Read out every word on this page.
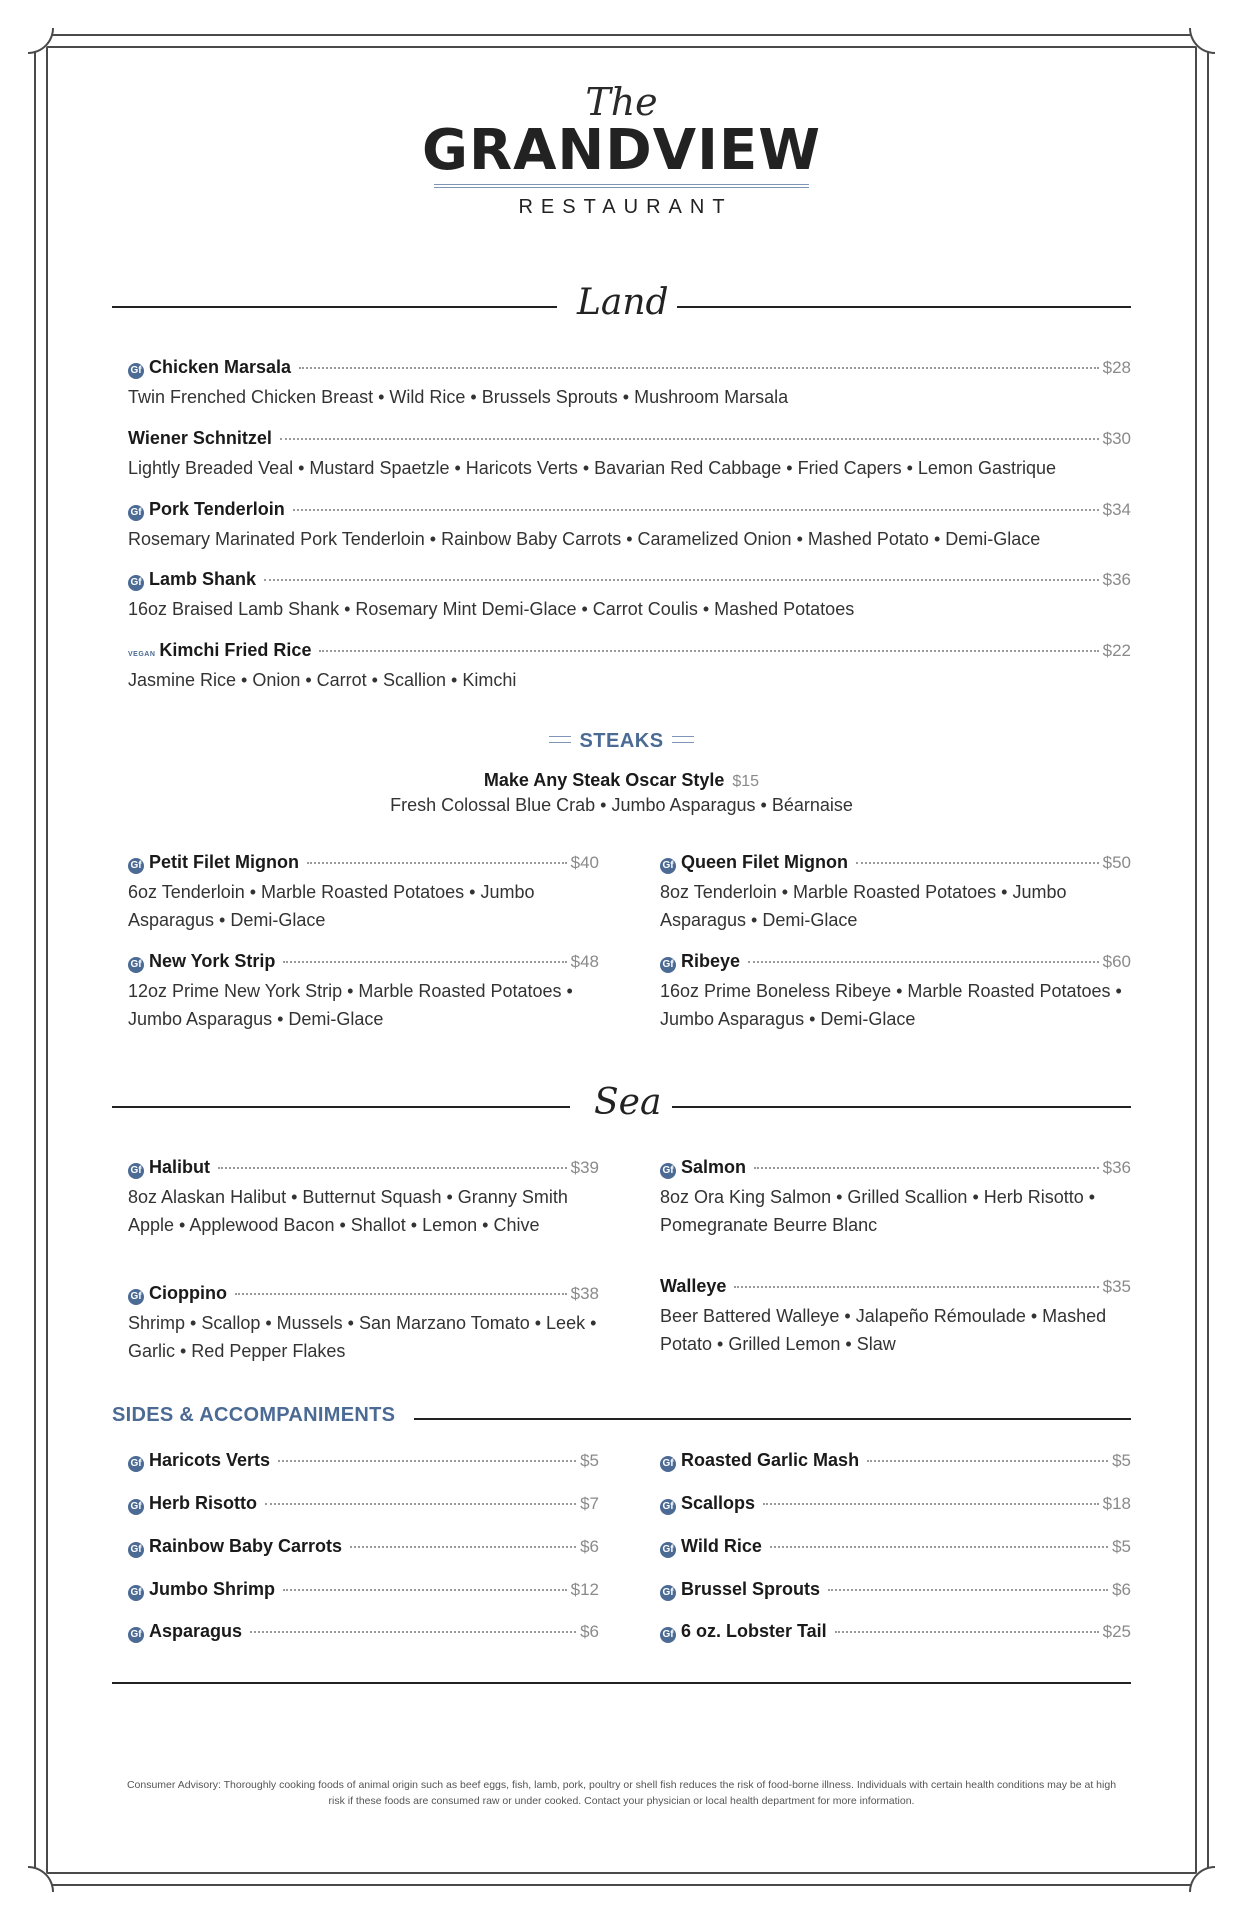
The
GRANDVIEW
RESTAURANT
Land
Gf Chicken Marsala	$28
Twin Frenched Chicken Breast • Wild Rice • Brussels Sprouts • Mushroom Marsala
Wiener Schnitzel	$30
Lightly Breaded Veal • Mustard Spaetzle • Haricots Verts • Bavarian Red Cabbage • Fried Capers • Lemon Gastrique
Gf Pork Tenderloin	$34
Rosemary Marinated Pork Tenderloin • Rainbow Baby Carrots • Caramelized Onion • Mashed Potato • Demi-Glace
Gf Lamb Shank	$36
16oz Braised Lamb Shank • Rosemary Mint Demi-Glace • Carrot Coulis • Mashed Potatoes
VEGAN Kimchi Fried Rice	$22
Jasmine Rice • Onion • Carrot • Scallion • Kimchi
STEAKS
Make Any Steak Oscar Style $15
Fresh Colossal Blue Crab • Jumbo Asparagus • Béarnaise
Gf Petit Filet Mignon	$40
6oz Tenderloin • Marble Roasted Potatoes • Jumbo Asparagus • Demi-Glace
Gf Queen Filet Mignon	$50
8oz Tenderloin • Marble Roasted Potatoes • Jumbo Asparagus • Demi-Glace
Gf New York Strip	$48
12oz Prime New York Strip • Marble Roasted Potatoes • Jumbo Asparagus • Demi-Glace
Gf Ribeye	$60
16oz Prime Boneless Ribeye • Marble Roasted Potatoes • Jumbo Asparagus • Demi-Glace
Sea
Gf Halibut	$39
8oz Alaskan Halibut • Butternut Squash • Granny Smith Apple • Applewood Bacon • Shallot • Lemon • Chive
Gf Salmon	$36
8oz Ora King Salmon • Grilled Scallion • Herb Risotto • Pomegranate Beurre Blanc
Gf Cioppino	$38
Shrimp • Scallop • Mussels • San Marzano Tomato • Leek • Garlic • Red Pepper Flakes
Walleye	$35
Beer Battered Walleye • Jalapeño Rémoulade • Mashed Potato • Grilled Lemon • Slaw
SIDES & ACCOMPANIMENTS
Gf Haricots Verts	$5
Gf Herb Risotto	$7
Gf Rainbow Baby Carrots	$6
Gf Jumbo Shrimp	$12
Gf Asparagus	$6
Gf Roasted Garlic Mash	$5
Gf Scallops	$18
Gf Wild Rice	$5
Gf Brussel Sprouts	$6
Gf 6 oz. Lobster Tail	$25
Consumer Advisory: Thoroughly cooking foods of animal origin such as beef eggs, fish, lamb, pork, poultry or shell fish reduces the risk of food-borne illness. Individuals with certain health conditions may be at high risk if these foods are consumed raw or under cooked. Contact your physician or local health department for more information.
